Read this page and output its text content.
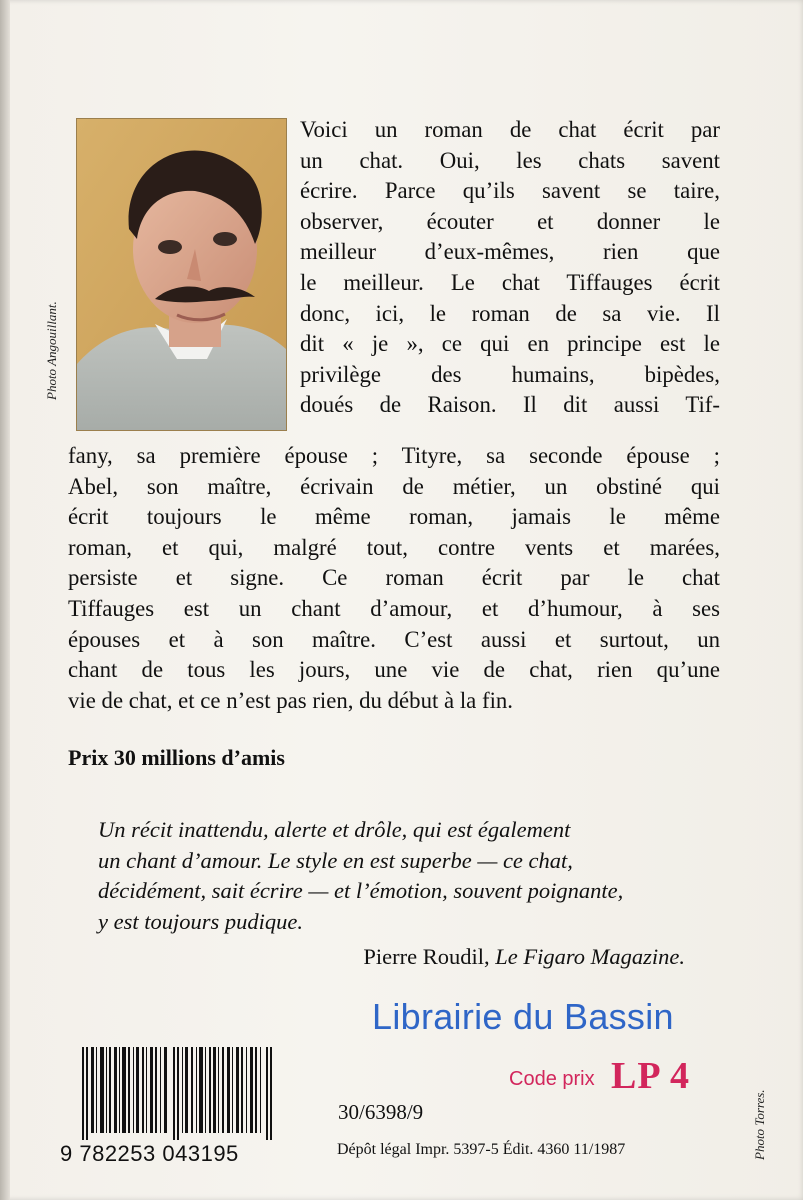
Photo Angouillant.
Voici un roman de chat écrit par
un chat. Oui, les chats savent
écrire. Parce qu’ils savent se taire,
observer, écouter et donner le
meilleur d’eux-mêmes, rien que
le meilleur. Le chat Tiffauges écrit
donc, ici, le roman de sa vie. Il
dit « je », ce qui en principe est le
privilège des humains, bipèdes,
doués de Raison. Il dit aussi Tif-
fany, sa première épouse ; Tityre, sa seconde épouse ;
Abel, son maître, écrivain de métier, un obstiné qui
écrit toujours le même roman, jamais le même
roman, et qui, malgré tout, contre vents et marées,
persiste et signe. Ce roman écrit par le chat
Tiffauges est un chant d’amour, et d’humour, à ses
épouses et à son maître. C’est aussi et surtout, un
chant de tous les jours, une vie de chat, rien qu’une
vie de chat, et ce n’est pas rien, du début à la fin.
Prix 30 millions d’amis
Un récit inattendu, alerte et drôle, qui est également
un chant d’amour. Le style en est superbe — ce chat,
décidément, sait écrire — et l’émotion, souvent poignante,
y est toujours pudique.
Pierre Roudil, Le Figaro Magazine.
Librairie du Bassin
Code prix LP 4
9 782253 043195
30/6398/9
Dépôt légal Impr. 5397-5 Édit. 4360 11/1987	Photo Torres.
